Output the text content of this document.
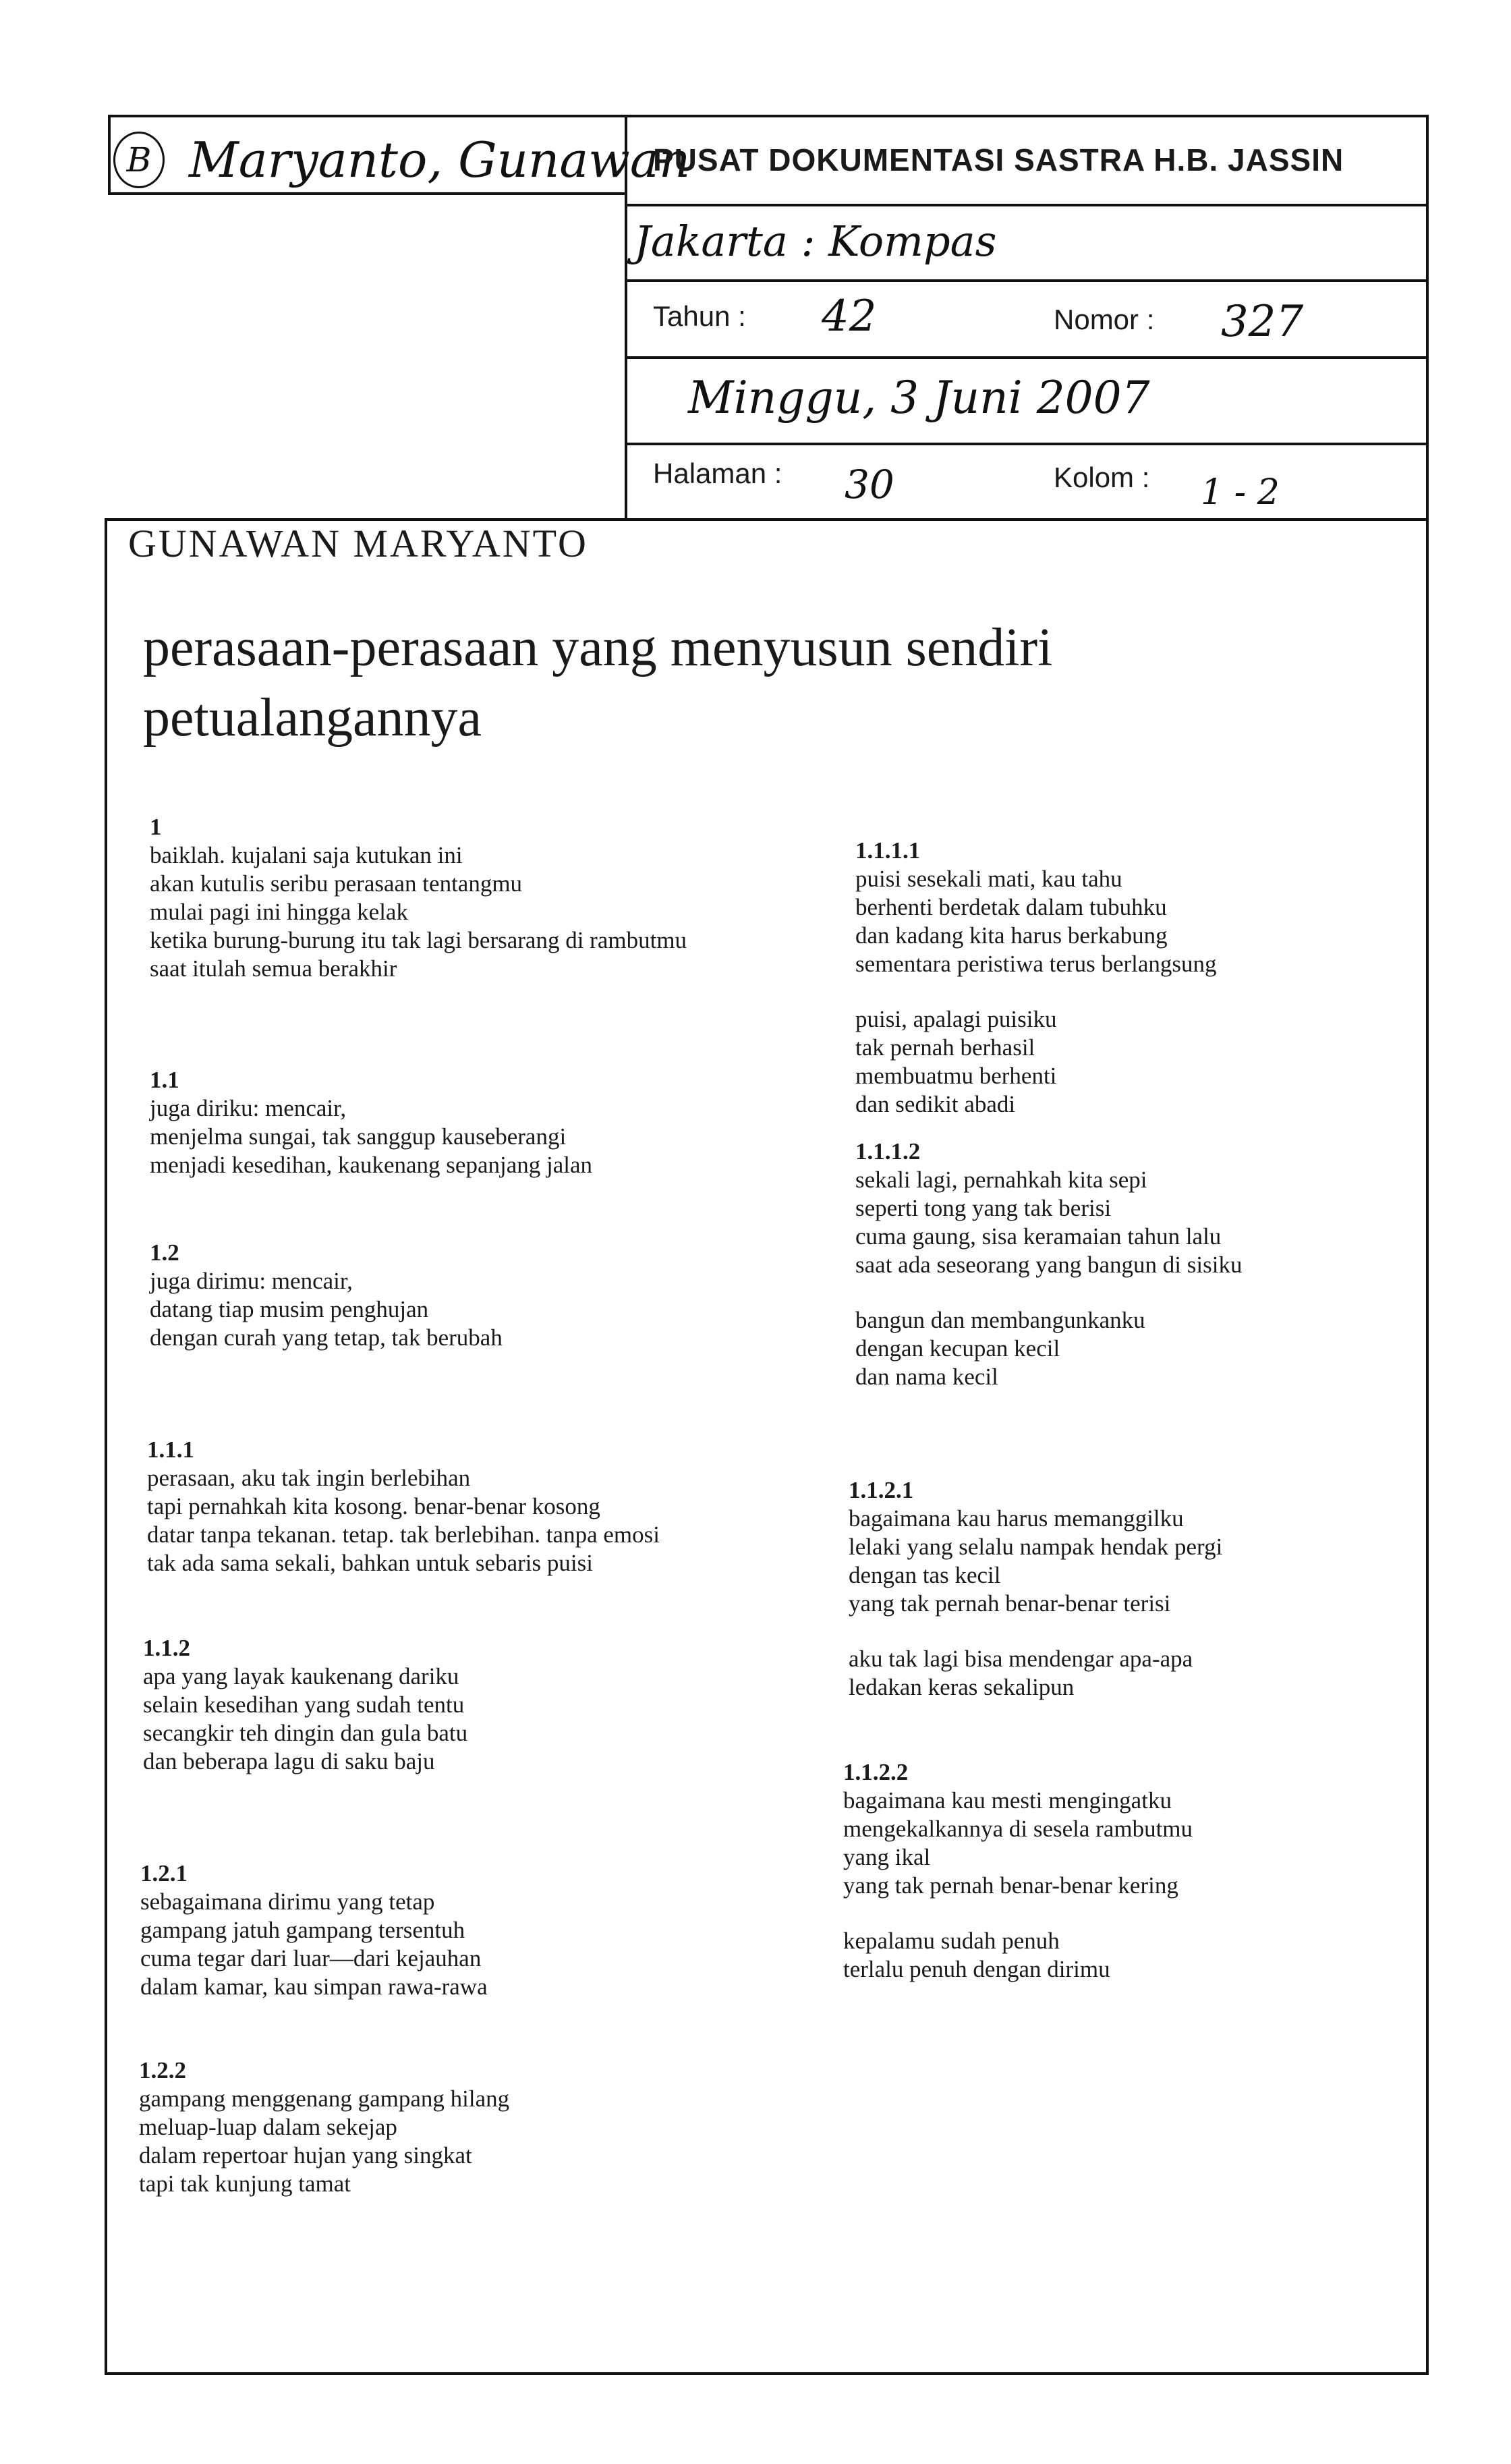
B Maryanto, Gunawan
PUSAT DOKUMENTASI SASTRA H.B. JASSIN
Jakarta : Kompas
Tahun : 42	Nomor : 327
Minggu, 3 Juni 2007
Halaman : 30	Kolom : 1 - 2
GUNAWAN MARYANTO
perasaan-perasaan yang menyusun sendiri
petualangannya
1
baiklah. kujalani saja kutukan ini
akan kutulis seribu perasaan tentangmu
mulai pagi ini hingga kelak
ketika burung-burung itu tak lagi bersarang di rambutmu
saat itulah semua berakhir
1.1
juga diriku: mencair,
menjelma sungai, tak sanggup kauseberangi
menjadi kesedihan, kaukenang sepanjang jalan
1.2
juga dirimu: mencair,
datang tiap musim penghujan
dengan curah yang tetap, tak berubah
1.1.1
perasaan, aku tak ingin berlebihan
tapi pernahkah kita kosong. benar-benar kosong
datar tanpa tekanan. tetap. tak berlebihan. tanpa emosi
tak ada sama sekali, bahkan untuk sebaris puisi
1.1.2
apa yang layak kaukenang dariku
selain kesedihan yang sudah tentu
secangkir teh dingin dan gula batu
dan beberapa lagu di saku baju
1.2.1
sebagaimana dirimu yang tetap
gampang jatuh gampang tersentuh
cuma tegar dari luar—dari kejauhan
dalam kamar, kau simpan rawa-rawa
1.2.2
gampang menggenang gampang hilang
meluap-luap dalam sekejap
dalam repertoar hujan yang singkat
tapi tak kunjung tamat
1.1.1.1
puisi sesekali mati, kau tahu
berhenti berdetak dalam tubuhku
dan kadang kita harus berkabung
sementara peristiwa terus berlangsung
puisi, apalagi puisiku
tak pernah berhasil
membuatmu berhenti
dan sedikit abadi
1.1.1.2
sekali lagi, pernahkah kita sepi
seperti tong yang tak berisi
cuma gaung, sisa keramaian tahun lalu
saat ada seseorang yang bangun di sisiku
bangun dan membangunkanku
dengan kecupan kecil
dan nama kecil
1.1.2.1
bagaimana kau harus memanggilku
lelaki yang selalu nampak hendak pergi
dengan tas kecil
yang tak pernah benar-benar terisi
aku tak lagi bisa mendengar apa-apa
ledakan keras sekalipun
1.1.2.2
bagaimana kau mesti mengingatku
mengekalkannya di sesela rambutmu
yang ikal
yang tak pernah benar-benar kering
kepalamu sudah penuh
terlalu penuh dengan dirimu
